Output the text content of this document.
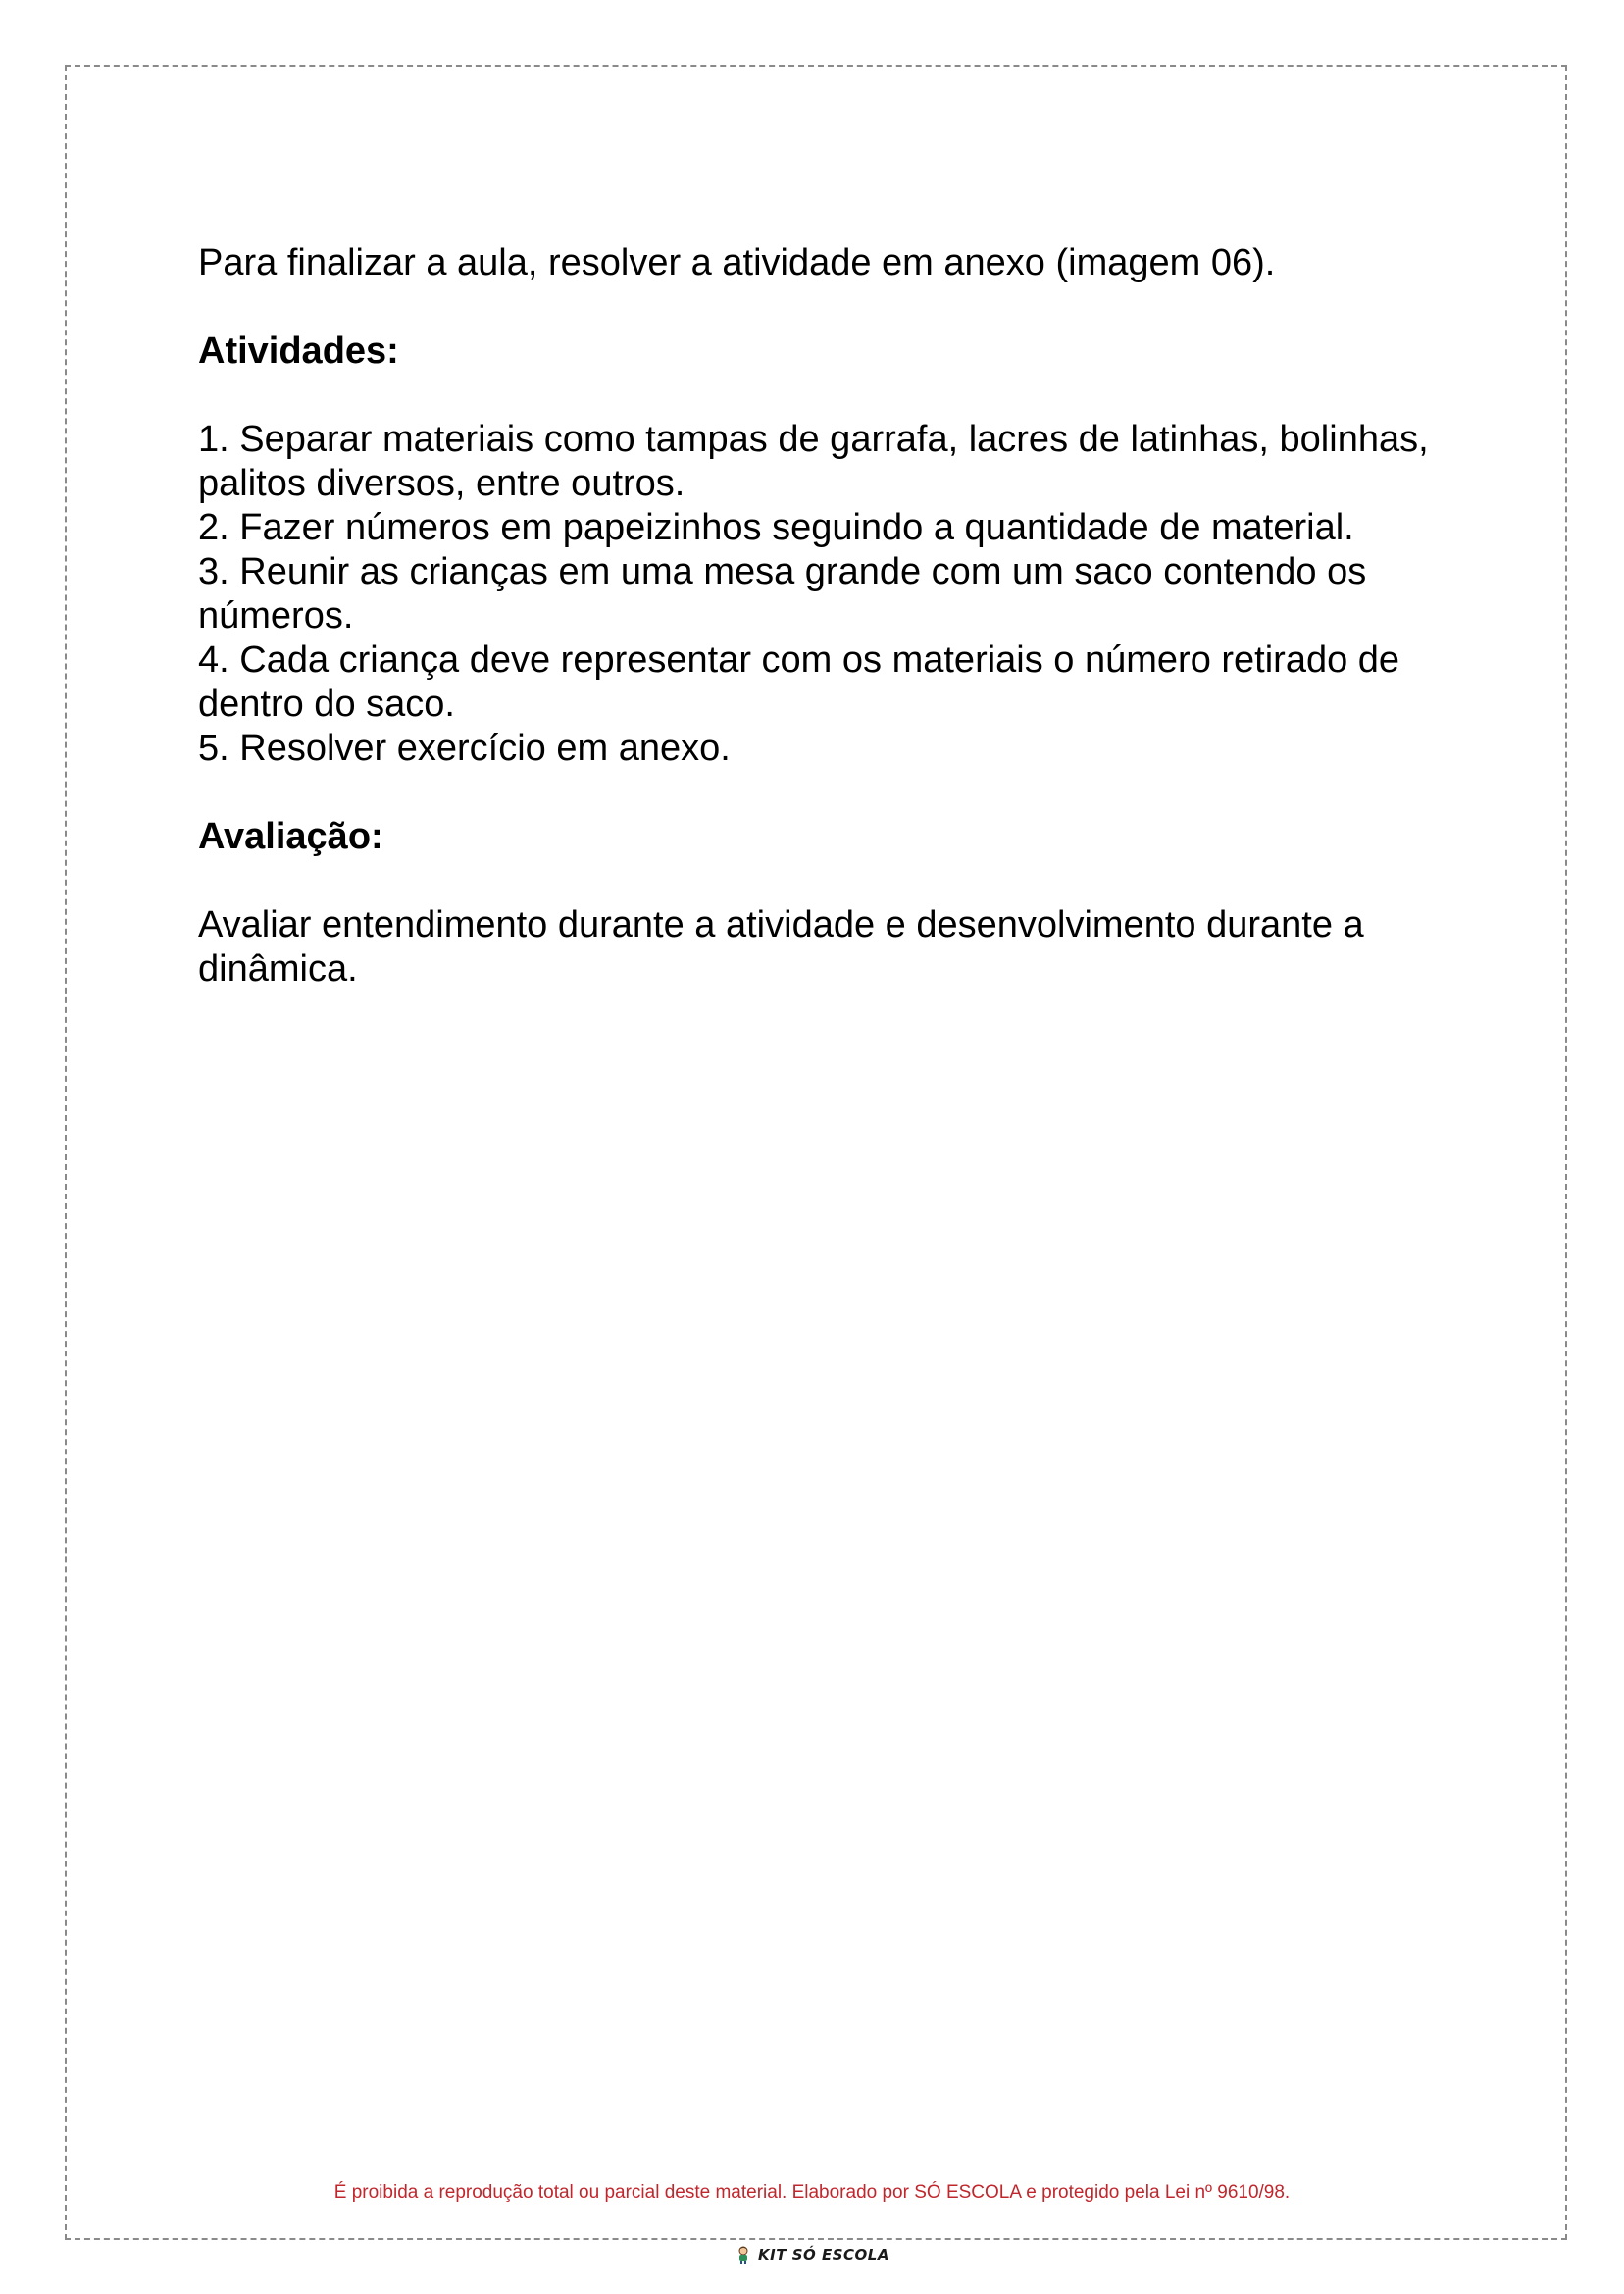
Para finalizar a aula, resolver a atividade em anexo (imagem 06).

Atividades:

1. Separar materiais como tampas de garrafa, lacres de latinhas, bolinhas, palitos diversos, entre outros.
2. Fazer números em papeizinhos seguindo a quantidade de material.
3. Reunir as crianças em uma mesa grande com um saco contendo os números.
4. Cada criança deve representar com os materiais o número retirado de dentro do saco.
5. Resolver exercício em anexo.

Avaliação:

Avaliar entendimento durante a atividade e desenvolvimento durante a dinâmica.

É proibida a reprodução total ou parcial deste material. Elaborado por SÓ ESCOLA e protegido pela Lei nº 9610/98.
KIT SÓ ESCOLA
